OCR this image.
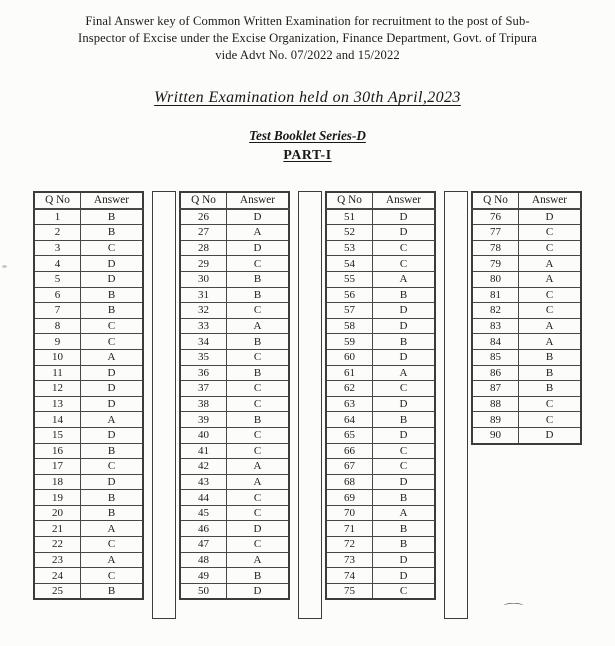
Final Answer key of Common Written Examination for recruitment to the post of Sub-
Inspector of Excise under the Excise Organization, Finance Department, Govt. of Tripura
vide Advt No. 07/2022 and 15/2022
Written Examination held on 30th April,2023
Test Booklet Series-D
PART-I
Q No	Answer
1	B
2	B
3	C
4	D
5	D
6	B
7	B
8	C
9	C
10	A
11	D
12	D
13	D
14	A
15	D
16	B
17	C
18	D
19	B
20	B
21	A
22	C
23	A
24	C
25	B
Q No	Answer
26	D
27	A
28	D
29	C
30	B
31	B
32	C
33	A
34	B
35	C
36	B
37	C
38	C
39	B
40	C
41	C
42	A
43	A
44	C
45	C
46	D
47	C
48	A
49	B
50	D
Q No	Answer
51	D
52	D
53	C
54	C
55	A
56	B
57	D
58	D
59	B
60	D
61	A
62	C
63	D
64	B
65	D
66	C
67	C
68	D
69	B
70	A
71	B
72	B
73	D
74	D
75	C
Q No	Answer
76	D
77	C
78	C
79	A
80	A
81	C
82	C
83	A
84	A
85	B
86	B
87	B
88	C
89	C
90	D
⌒
